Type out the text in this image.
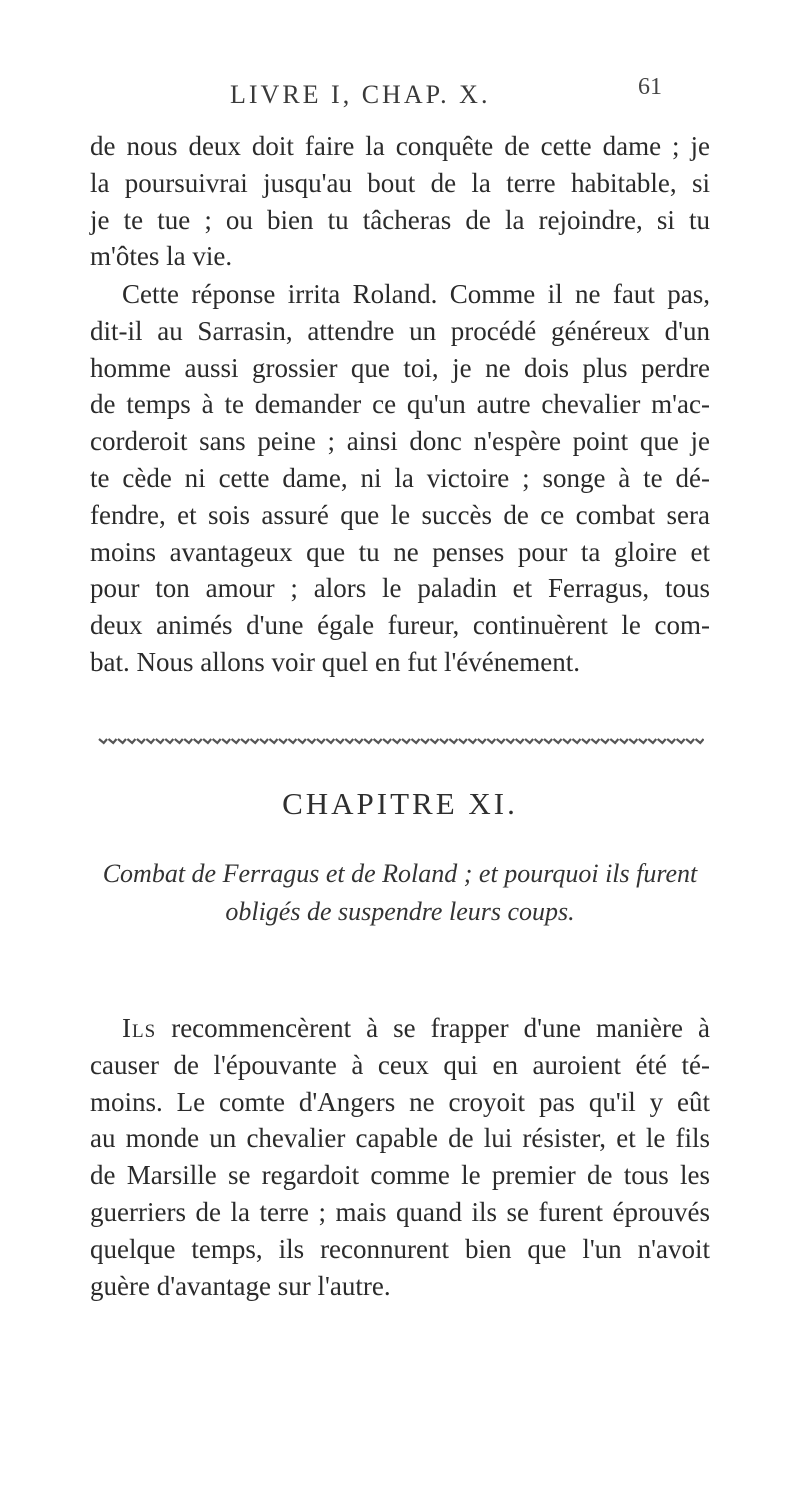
LIVRE I, CHAP. X.	61
de nous deux doit faire la conquête de cette dame ; je
la poursuivrai jusqu'au bout de la terre habitable, si
je te tue ; ou bien tu tâcheras de la rejoindre, si tu
m'ôtes la vie.
Cette réponse irrita Roland. Comme il ne faut pas,
dit-il au Sarrasin, attendre un procédé généreux d'un
homme aussi grossier que toi, je ne dois plus perdre
de temps à te demander ce qu'un autre chevalier m'ac-
corderoit sans peine ; ainsi donc n'espère point que je
te cède ni cette dame, ni la victoire ; songe à te dé-
fendre, et sois assuré que le succès de ce combat sera
moins avantageux que tu ne penses pour ta gloire et
pour ton amour ; alors le paladin et Ferragus, tous
deux animés d'une égale fureur, continuèrent le com-
bat. Nous allons voir quel en fut l'événement.
CHAPITRE XI.
Combat de Ferragus et de Roland ; et pourquoi ils furent
obligés de suspendre leurs coups.
Ils recommencèrent à se frapper d'une manière à
causer de l'épouvante à ceux qui en auroient été té-
moins. Le comte d'Angers ne croyoit pas qu'il y eût
au monde un chevalier capable de lui résister, et le fils
de Marsille se regardoit comme le premier de tous les
guerriers de la terre ; mais quand ils se furent éprouvés
quelque temps, ils reconnurent bien que l'un n'avoit
guère d'avantage sur l'autre.
